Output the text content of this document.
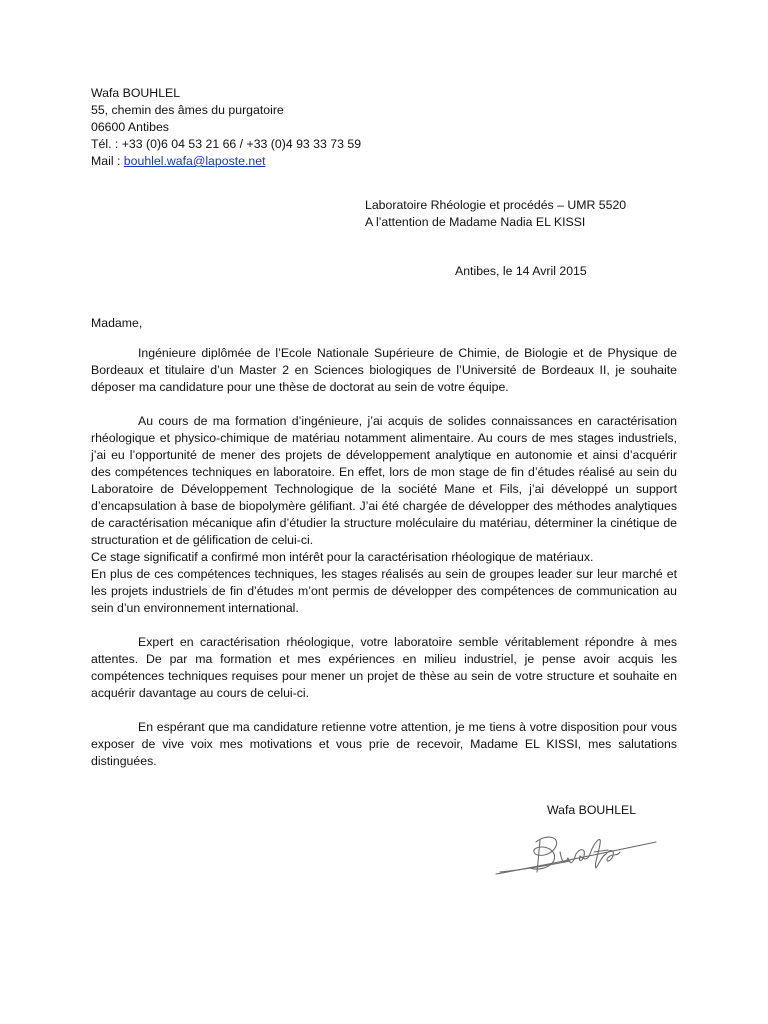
Wafa BOUHLEL
55, chemin des âmes du purgatoire
06600 Antibes
Tél. : +33 (0)6 04 53 21 66 / +33 (0)4 93 33 73 59
Mail : bouhlel.wafa@laposte.net
Laboratoire Rhéologie et procédés – UMR 5520
A l’attention de Madame Nadia EL KISSI
Antibes, le 14 Avril 2015
Madame,

Ingénieure diplômée de l’Ecole Nationale Supérieure de Chimie, de Biologie et de Physique de Bordeaux et titulaire d’un Master 2 en Sciences biologiques de l’Université de Bordeaux II, je souhaite déposer ma candidature pour une thèse de doctorat au sein de votre équipe.

Au cours de ma formation d’ingénieure, j’ai acquis de solides connaissances en caractérisation rhéologique et physico-chimique de matériau notamment alimentaire. Au cours de mes stages industriels, j’ai eu l’opportunité de mener des projets de développement analytique en autonomie et ainsi d’acquérir des compétences techniques en laboratoire. En effet, lors de mon stage de fin d’études réalisé au sein du Laboratoire de Développement Technologique de la société Mane et Fils, j’ai développé un support d’encapsulation à base de biopolymère gélifiant. J’ai été chargée de développer des méthodes analytiques de caractérisation mécanique afin d’étudier la structure moléculaire du matériau, déterminer la cinétique de structuration et de gélification de celui-ci.

Ce stage significatif a confirmé mon intérêt pour la caractérisation rhéologique de matériaux.

En plus de ces compétences techniques, les stages réalisés au sein de groupes leader sur leur marché et les projets industriels de fin d’études m’ont permis de développer des compétences de communication au sein d’un environnement international.

Expert en caractérisation rhéologique, votre laboratoire semble véritablement répondre à mes attentes. De par ma formation et mes expériences en milieu industriel, je pense avoir acquis les compétences techniques requises pour mener un projet de thèse au sein de votre structure et souhaite en acquérir davantage au cours de celui-ci.

En espérant que ma candidature retienne votre attention, je me tiens à votre disposition pour vous exposer de vive voix mes motivations et vous prie de recevoir, Madame EL KISSI, mes salutations distinguées.

Wafa BOUHLEL
